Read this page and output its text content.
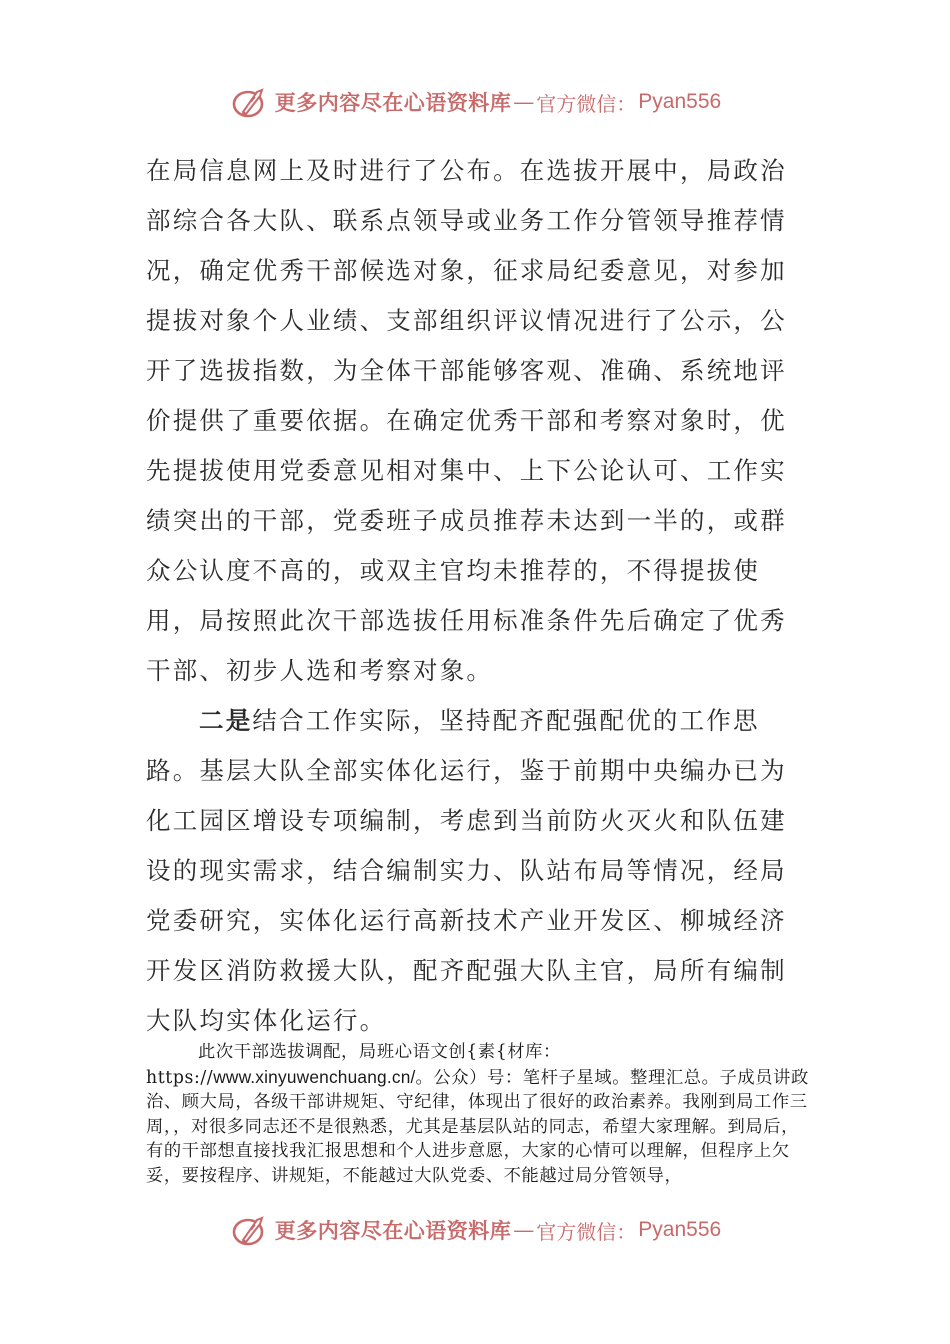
更多内容尽在心语资料库 — 官方微信： Pyan556

在局信息网上及时进行了公布。在选拔开展中，局政治部综合各大队、联系点领导或业务工作分管领导推荐情况，确定优秀干部候选对象，征求局纪委意见，对参加提拔对象个人业绩、支部组织评议情况进行了公示，公开了选拔指数，为全体干部能够客观、准确、系统地评价提供了重要依据。在确定优秀干部和考察对象时，优先提拔使用党委意见相对集中、上下公论认可、工作实绩突出的干部，党委班子成员推荐未达到一半的，或群众公认度不高的，或双主官均未推荐的，不得提拔使用，局按照此次干部选拔任用标准条件先后确定了优秀干部、初步人选和考察对象。

二是结合工作实际，坚持配齐配强配优的工作思路。基层大队全部实体化运行，鉴于前期中央编办已为化工园区增设专项编制，考虑到当前防火灭火和队伍建设的现实需求，结合编制实力、队站布局等情况，经局党委研究，实体化运行高新技术产业开发区、柳城经济开发区消防救援大队，配齐配强大队主官，局所有编制大队均实体化运行。

此次干部选拔调配，局班心语文创{素{材库：https://www.xinyuwenchuang.cn/。公众）号：笔杆子星域。整理汇总。子成员讲政治、顾大局，各级干部讲规矩、守纪律，体现出了很好的政治素养。我刚到局工作三周，，对很多同志还不是很熟悉，尤其是基层队站的同志，希望大家理解。到局后，有的干部想直接找我汇报思想和个人进步意愿，大家的心情可以理解，但程序上欠妥，要按程序、讲规矩，不能越过大队党委、不能越过局分管领导，

更多内容尽在心语资料库 — 官方微信： Pyan556
